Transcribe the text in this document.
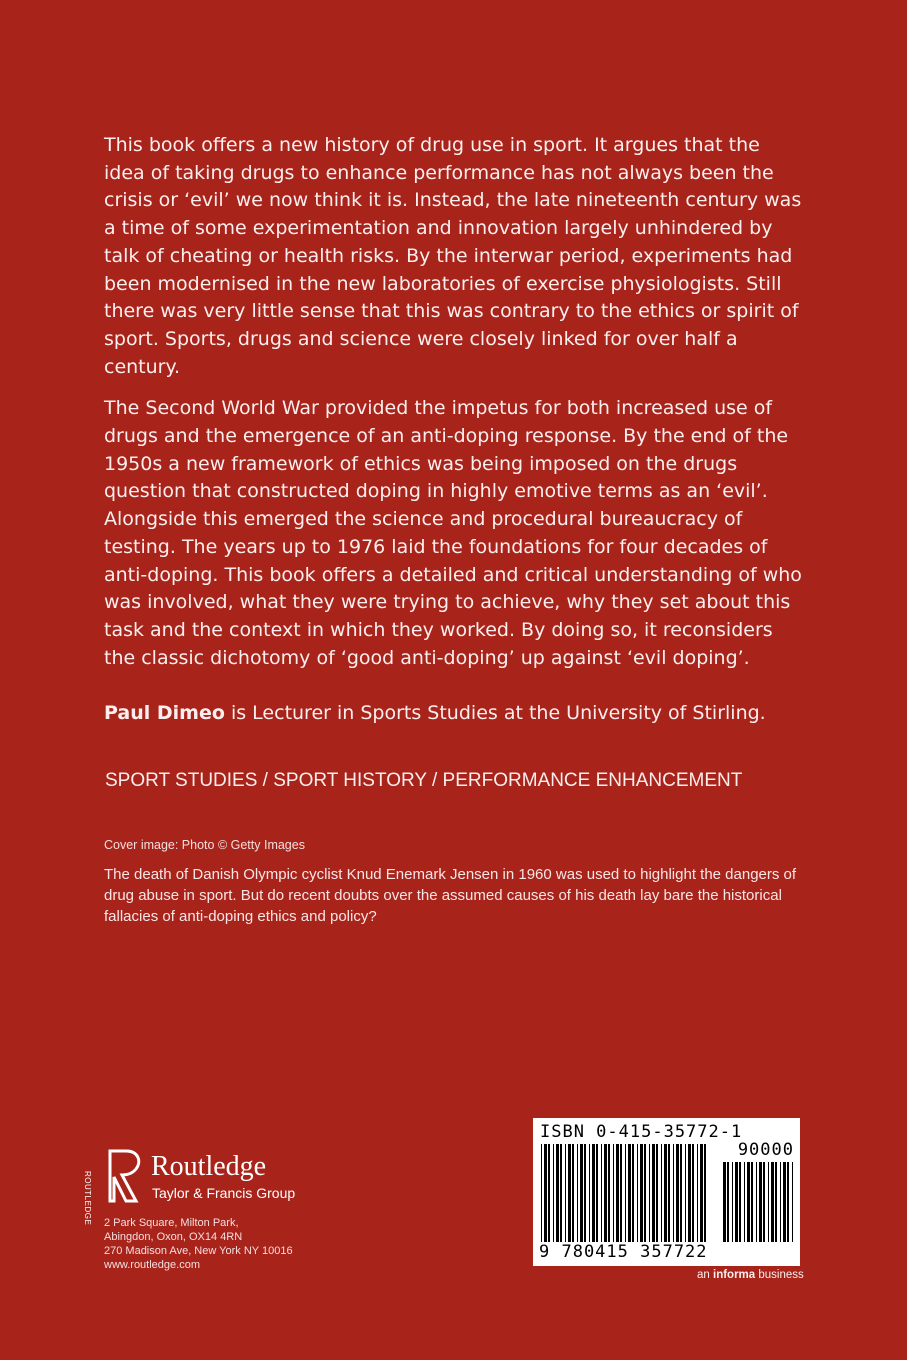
This book offers a new history of drug use in sport. It argues that the idea of taking drugs to enhance performance has not always been the crisis or ‘evil’ we now think it is. Instead, the late nineteenth century was a time of some experimentation and innovation largely unhindered by talk of cheating or health risks. By the interwar period, experiments had been modernised in the new laboratories of exercise physiologists. Still there was very little sense that this was contrary to the ethics or spirit of sport. Sports, drugs and science were closely linked for over half a century.

The Second World War provided the impetus for both increased use of drugs and the emergence of an anti-doping response. By the end of the 1950s a new framework of ethics was being imposed on the drugs question that constructed doping in highly emotive terms as an ‘evil’. Alongside this emerged the science and procedural bureaucracy of testing. The years up to 1976 laid the foundations for four decades of anti-doping. This book offers a detailed and critical understanding of who was involved, what they were trying to achieve, why they set about this task and the context in which they worked. By doing so, it reconsiders the classic dichotomy of ‘good anti-doping’ up against ‘evil doping’.

Paul Dimeo is Lecturer in Sports Studies at the University of Stirling.
SPORT STUDIES / SPORT HISTORY / PERFORMANCE ENHANCEMENT
Cover image: Photo © Getty Images
The death of Danish Olympic cyclist Knud Enemark Jensen in 1960 was used to highlight the dangers of drug abuse in sport. But do recent doubts over the assumed causes of his death lay bare the historical fallacies of anti-doping ethics and policy?
ROUTLEDGE
Routledge
Taylor & Francis Group
2 Park Square, Milton Park,
Abingdon, Oxon, OX14 4RN
270 Madison Ave, New York NY 10016
www.routledge.com
ISBN 0-415-35772-1
90000
9 780415 357722
an informa business
